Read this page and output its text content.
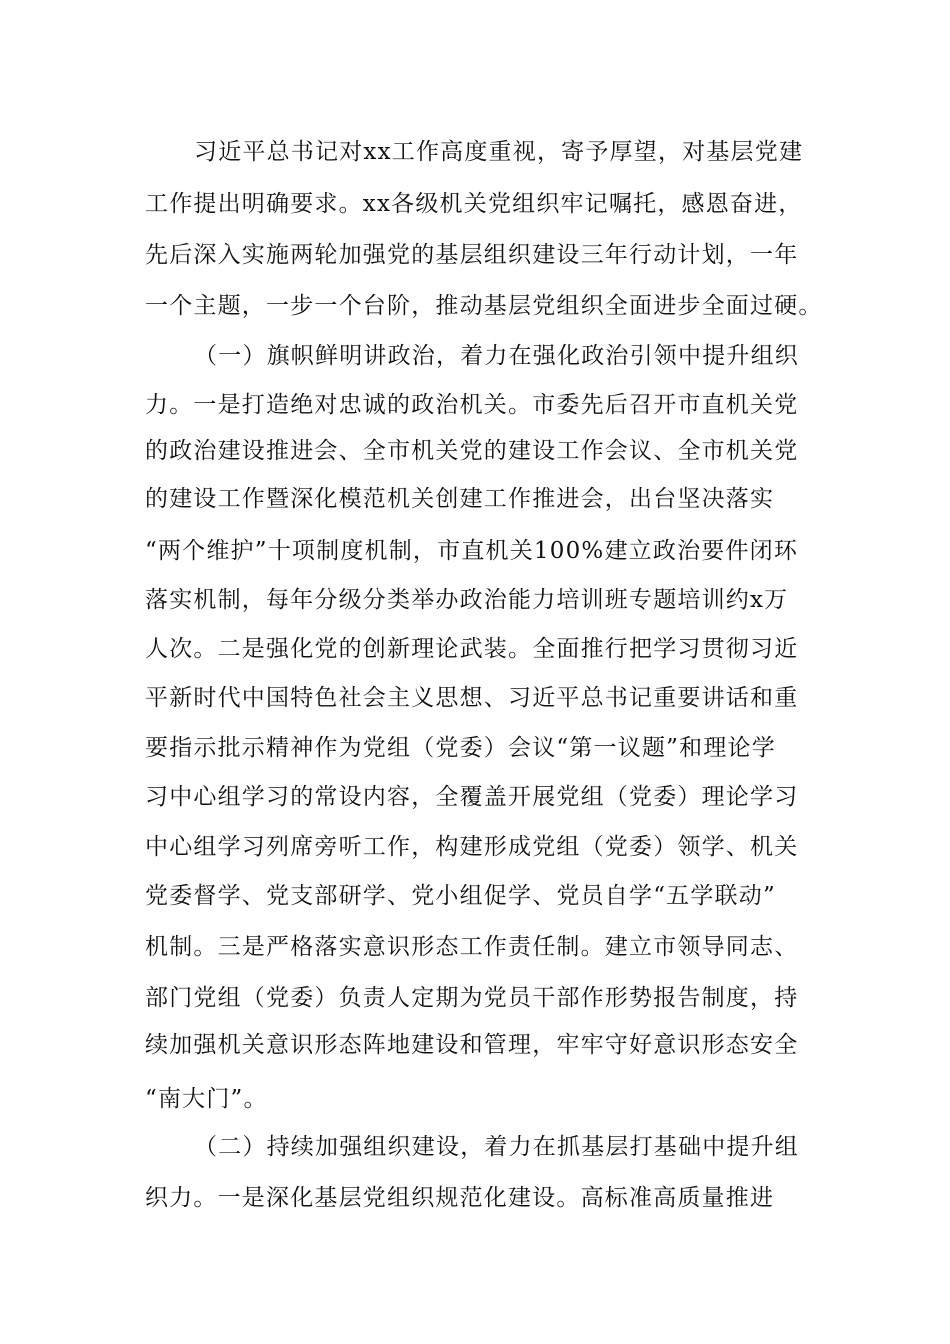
习近平总书记对xx工作高度重视，寄予厚望，对基层党建
工作提出明确要求。xx各级机关党组织牢记嘱托，感恩奋进，
先后深入实施两轮加强党的基层组织建设三年行动计划，一年
一个主题，一步一个台阶，推动基层党组织全面进步全面过硬。
（一）旗帜鲜明讲政治，着力在强化政治引领中提升组织
力。一是打造绝对忠诚的政治机关。市委先后召开市直机关党
的政治建设推进会、全市机关党的建设工作会议、全市机关党
的建设工作暨深化模范机关创建工作推进会，出台坚决落实
“两个维护”十项制度机制，市直机关100%建立政治要件闭环
落实机制，每年分级分类举办政治能力培训班专题培训约x万
人次。二是强化党的创新理论武装。全面推行把学习贯彻习近
平新时代中国特色社会主义思想、习近平总书记重要讲话和重
要指示批示精神作为党组（党委）会议“第一议题”和理论学
习中心组学习的常设内容，全覆盖开展党组（党委）理论学习
中心组学习列席旁听工作，构建形成党组（党委）领学、机关
党委督学、党支部研学、党小组促学、党员自学“五学联动”
机制。三是严格落实意识形态工作责任制。建立市领导同志、
部门党组（党委）负责人定期为党员干部作形势报告制度，持
续加强机关意识形态阵地建设和管理，牢牢守好意识形态安全
“南大门”。
（二）持续加强组织建设，着力在抓基层打基础中提升组
织力。一是深化基层党组织规范化建设。高标准高质量推进
